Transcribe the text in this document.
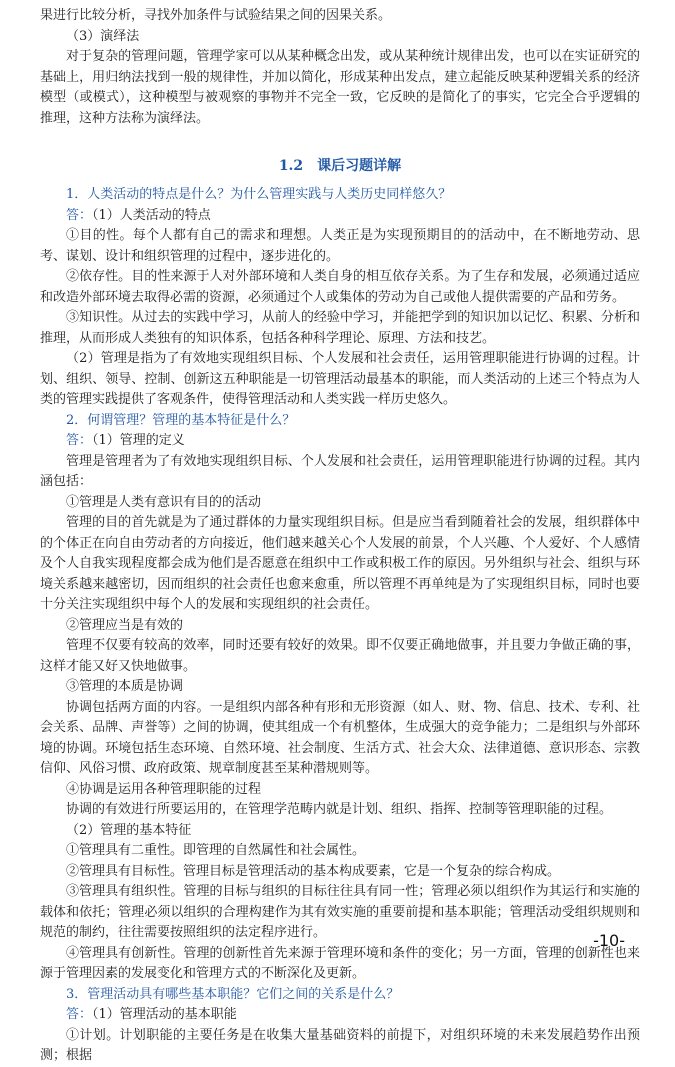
果进行比较分析，寻找外加条件与试验结果之间的因果关系。

（3）演绎法

对于复杂的管理问题，管理学家可以从某种概念出发，或从某种统计规律出发，也可以在实证研究的基础上，用归纳法找到一般的规律性，并加以简化，形成某种出发点，建立起能反映某种逻辑关系的经济模型（或模式），这种模型与被观察的事物并不完全一致，它反映的是简化了的事实，它完全合乎逻辑的推理，这种方法称为演绎法。

1.2　课后习题详解

1．人类活动的特点是什么？为什么管理实践与人类历史同样悠久？

答：（1）人类活动的特点

①目的性。每个人都有自己的需求和理想。人类正是为实现预期目的的活动中，在不断地劳动、思考、谋划、设计和组织管理的过程中，逐步进化的。

②依存性。目的性来源于人对外部环境和人类自身的相互依存关系。为了生存和发展，必须通过适应和改造外部环境去取得必需的资源，必须通过个人或集体的劳动为自己或他人提供需要的产品和劳务。

③知识性。从过去的实践中学习，从前人的经验中学习，并能把学到的知识加以记忆、积累、分析和推理，从而形成人类独有的知识体系，包括各种科学理论、原理、方法和技艺。

（2）管理是指为了有效地实现组织目标、个人发展和社会责任，运用管理职能进行协调的过程。计划、组织、领导、控制、创新这五种职能是一切管理活动最基本的职能，而人类活动的上述三个特点为人类的管理实践提供了客观条件，使得管理活动和人类实践一样历史悠久。

2．何谓管理？管理的基本特征是什么？

答：（1）管理的定义

管理是管理者为了有效地实现组织目标、个人发展和社会责任，运用管理职能进行协调的过程。其内涵包括：

①管理是人类有意识有目的的活动

管理的目的首先就是为了通过群体的力量实现组织目标。但是应当看到随着社会的发展，组织群体中的个体正在向自由劳动者的方向接近，他们越来越关心个人发展的前景，个人兴趣、个人爱好、个人感情及个人自我实现程度都会成为他们是否愿意在组织中工作或积极工作的原因。另外组织与社会、组织与环境关系越来越密切，因而组织的社会责任也愈来愈重，所以管理不再单纯是为了实现组织目标，同时也要十分关注实现组织中每个人的发展和实现组织的社会责任。

②管理应当是有效的

管理不仅要有较高的效率，同时还要有较好的效果。即不仅要正确地做事，并且要力争做正确的事，这样才能又好又快地做事。

③管理的本质是协调

协调包括两方面的内容。一是组织内部各种有形和无形资源（如人、财、物、信息、技术、专利、社会关系、品牌、声誉等）之间的协调，使其组成一个有机整体，生成强大的竞争能力；二是组织与外部环境的协调。环境包括生态环境、自然环境、社会制度、生活方式、社会大众、法律道德、意识形态、宗教信仰、风俗习惯、政府政策、规章制度甚至某种潜规则等。

④协调是运用各种管理职能的过程

协调的有效进行所要运用的，在管理学范畴内就是计划、组织、指挥、控制等管理职能的过程。

（2）管理的基本特征

①管理具有二重性。即管理的自然属性和社会属性。

②管理具有目标性。管理目标是管理活动的基本构成要素，它是一个复杂的综合构成。

③管理具有组织性。管理的目标与组织的目标往往具有同一性；管理必须以组织作为其运行和实施的载体和依托；管理必须以组织的合理构建作为其有效实施的重要前提和基本职能；管理活动受组织规则和规范的制约，往往需要按照组织的法定程序进行。

④管理具有创新性。管理的创新性首先来源于管理环境和条件的变化；另一方面，管理的创新性也来源于管理因素的发展变化和管理方式的不断深化及更新。

3．管理活动具有哪些基本职能？它们之间的关系是什么？

答：（1）管理活动的基本职能

①计划。计划职能的主要任务是在收集大量基础资料的前提下，对组织环境的未来发展趋势作出预测；根据

-10-
